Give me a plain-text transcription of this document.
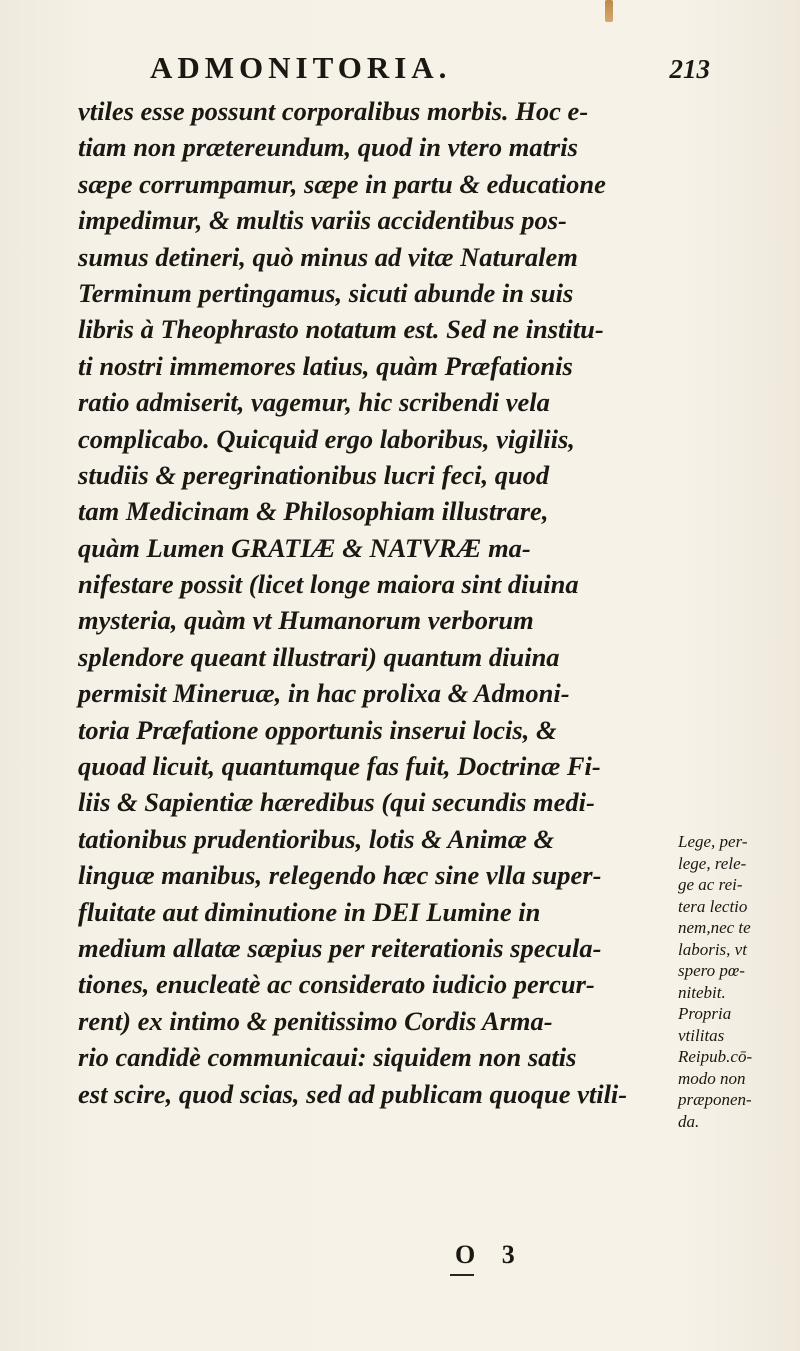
ADMONITORIA.	213
vtiles esse possunt corporalibus morbis. Hoc e-
tiam non prætereundum, quod in vtero matris
sæpe corrumpamur, sæpe in partu & educatione
impedimur, & multis variis accidentibus pos-
sumus detineri, quò minus ad vitæ Naturalem
Terminum pertingamus, sicuti abunde in suis
libris à Theophrasto notatum est. Sed ne institu-
ti nostri immemores latius, quàm Præfationis
ratio admiserit, vagemur, hic scribendi vela
complicabo. Quicquid ergo laboribus, vigiliis,
studiis & peregrinationibus lucri feci, quod
tam Medicinam & Philosophiam illustrare,
quàm Lumen GRATIÆ & NATVRÆ ma-
nifestare possit (licet longe maiora sint diuina
mysteria, quàm vt Humanorum verborum
splendore queant illustrari) quantum diuina
permisit Mineruæ, in hac prolixa & Admoni-
toria Præfatione opportunis inserui locis, &
quoad licuit, quantumque fas fuit, Doctrinæ Fi-
liis & Sapientiæ hæredibus (qui secundis medi-
tationibus prudentioribus, lotis & Animæ &
linguæ manibus, relegendo hæc sine vlla super-
fluitate aut diminutione in DEI Lumine in
medium allatæ sæpius per reiterationis specula-
tiones, enucleatè ac considerato iudicio percur-
rent) ex intimo & penitissimo Cordis Arma-
rio candidè communicaui: siquidem non satis
est scire, quod scias, sed ad publicam quoque vtili-
Lege, per-
lege, rele-
ge ac rei-
tera lectio
nem,nec te
laboris, vt
spero pœ-
nitebit.
Propria
vtilitas
Reipub.cō-
modo non
præponen-
da.
O 3
